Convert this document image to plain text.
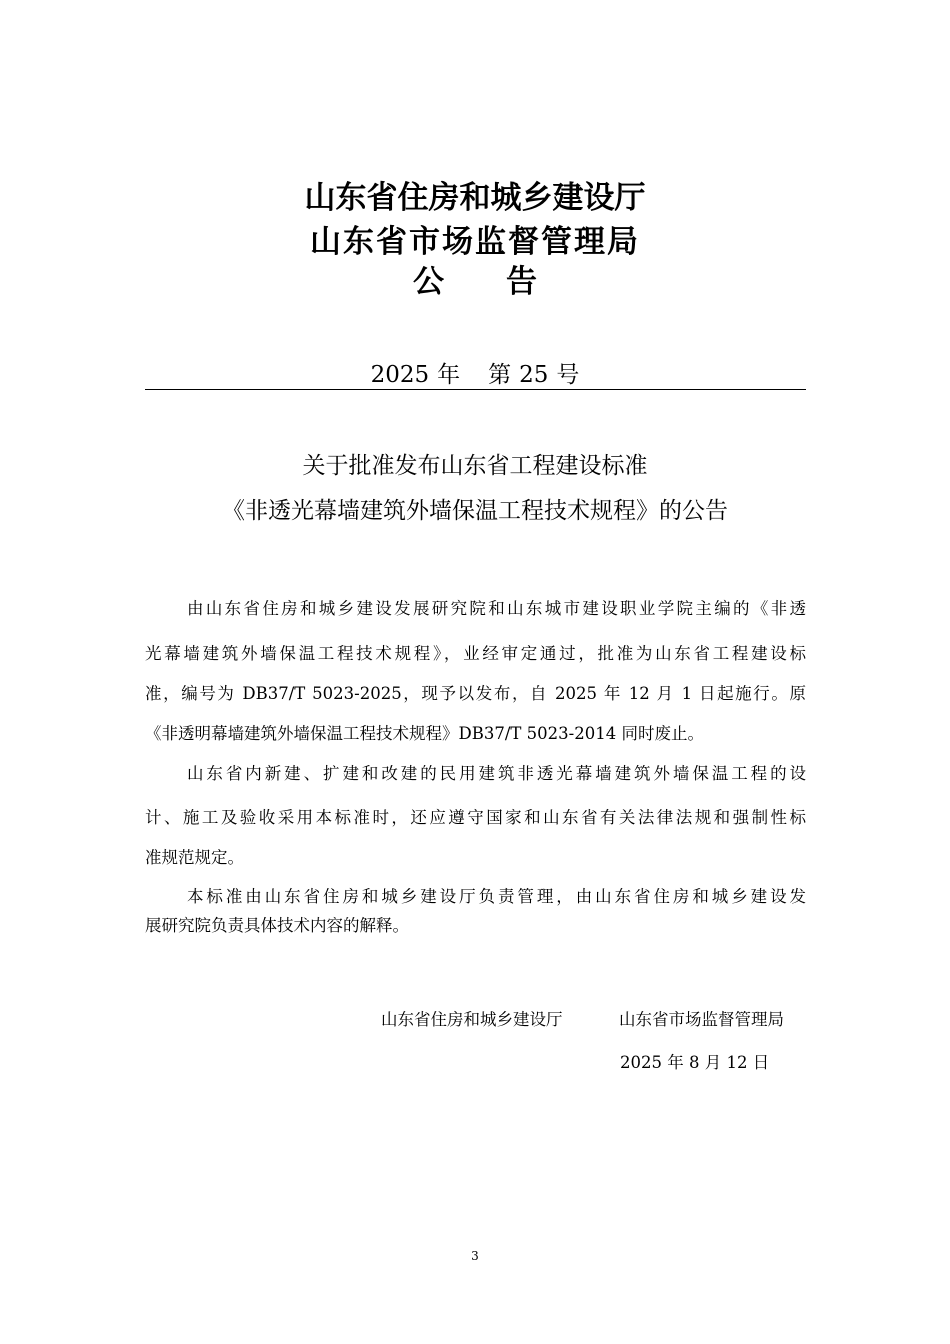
山东省住房和城乡建设厅
山东省市场监督管理局
公 告
2025 年 第 25 号
关于批准发布山东省工程建设标准
《非透光幕墙建筑外墙保温工程技术规程》的公告
由山东省住房和城乡建设发展研究院和山东城市建设职业学院主编的《非透
光幕墙建筑外墙保温工程技术规程》，业经审定通过，批准为山东省工程建设标
准，编号为 DB37/T 5023-2025，现予以发布，自 2025 年 12 月 1 日起施行。原
《非透明幕墙建筑外墙保温工程技术规程》DB37/T 5023-2014 同时废止。
山东省内新建、扩建和改建的民用建筑非透光幕墙建筑外墙保温工程的设
计、施工及验收采用本标准时，还应遵守国家和山东省有关法律法规和强制性标
准规范规定。
本标准由山东省住房和城乡建设厅负责管理，由山东省住房和城乡建设发
展研究院负责具体技术内容的解释。
山东省住房和城乡建设厅	山东省市场监督管理局
2025 年 8 月 12 日
3
